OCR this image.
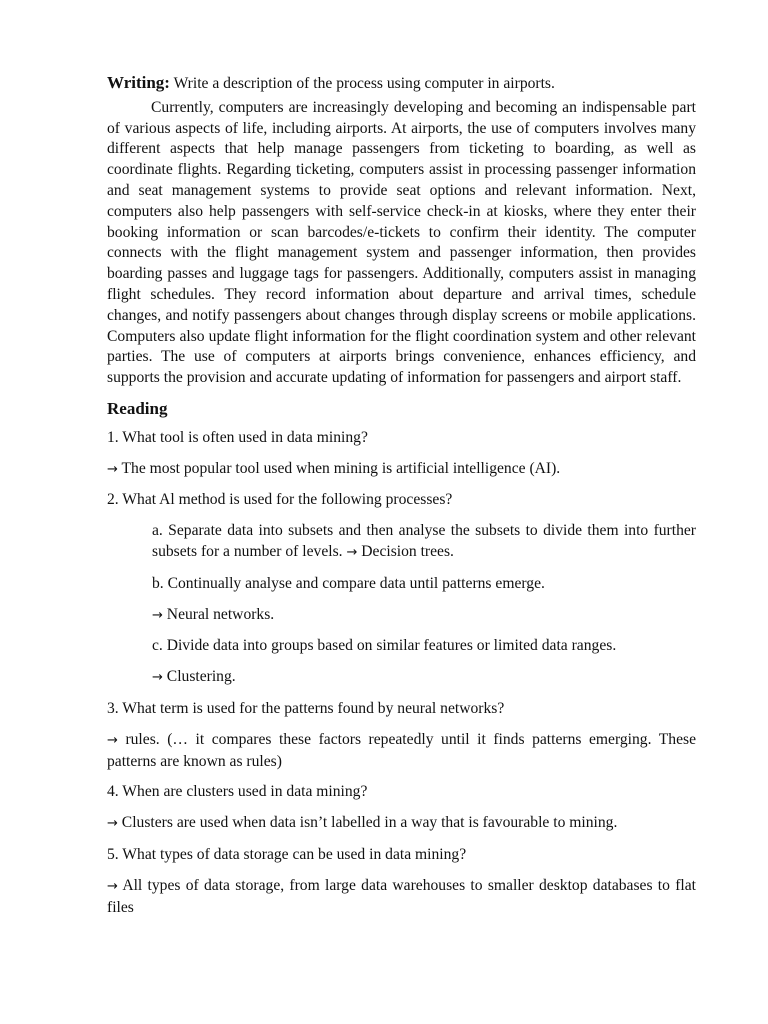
Writing: Write a description of the process using computer in airports.

Currently, computers are increasingly developing and becoming an indispensable part of various aspects of life, including airports. At airports, the use of computers involves many different aspects that help manage passengers from ticketing to boarding, as well as coordinate flights. Regarding ticketing, computers assist in processing passenger information and seat management systems to provide seat options and relevant information. Next, computers also help passengers with self-service check-in at kiosks, where they enter their booking information or scan barcodes/e-tickets to confirm their identity. The computer connects with the flight management system and passenger information, then provides boarding passes and luggage tags for passengers. Additionally, computers assist in managing flight schedules. They record information about departure and arrival times, schedule changes, and notify passengers about changes through display screens or mobile applications. Computers also update flight information for the flight coordination system and other relevant parties. The use of computers at airports brings convenience, enhances efficiency, and supports the provision and accurate updating of information for passengers and airport staff.

Reading

1. What tool is often used in data mining?

→ The most popular tool used when mining is artificial intelligence (AI).

2. What Al method is used for the following processes?

a. Separate data into subsets and then analyse the subsets to divide them into further subsets for a number of levels. → Decision trees.

b. Continually analyse and compare data until patterns emerge.

→ Neural networks.

c. Divide data into groups based on similar features or limited data ranges.

→ Clustering.

3. What term is used for the patterns found by neural networks?

→ rules. (… it compares these factors repeatedly until it finds patterns emerging. These patterns are known as rules)

4. When are clusters used in data mining?

→ Clusters are used when data isn’t labelled in a way that is favourable to mining.

5. What types of data storage can be used in data mining?

→ All types of data storage, from large data warehouses to smaller desktop databases to flat files
